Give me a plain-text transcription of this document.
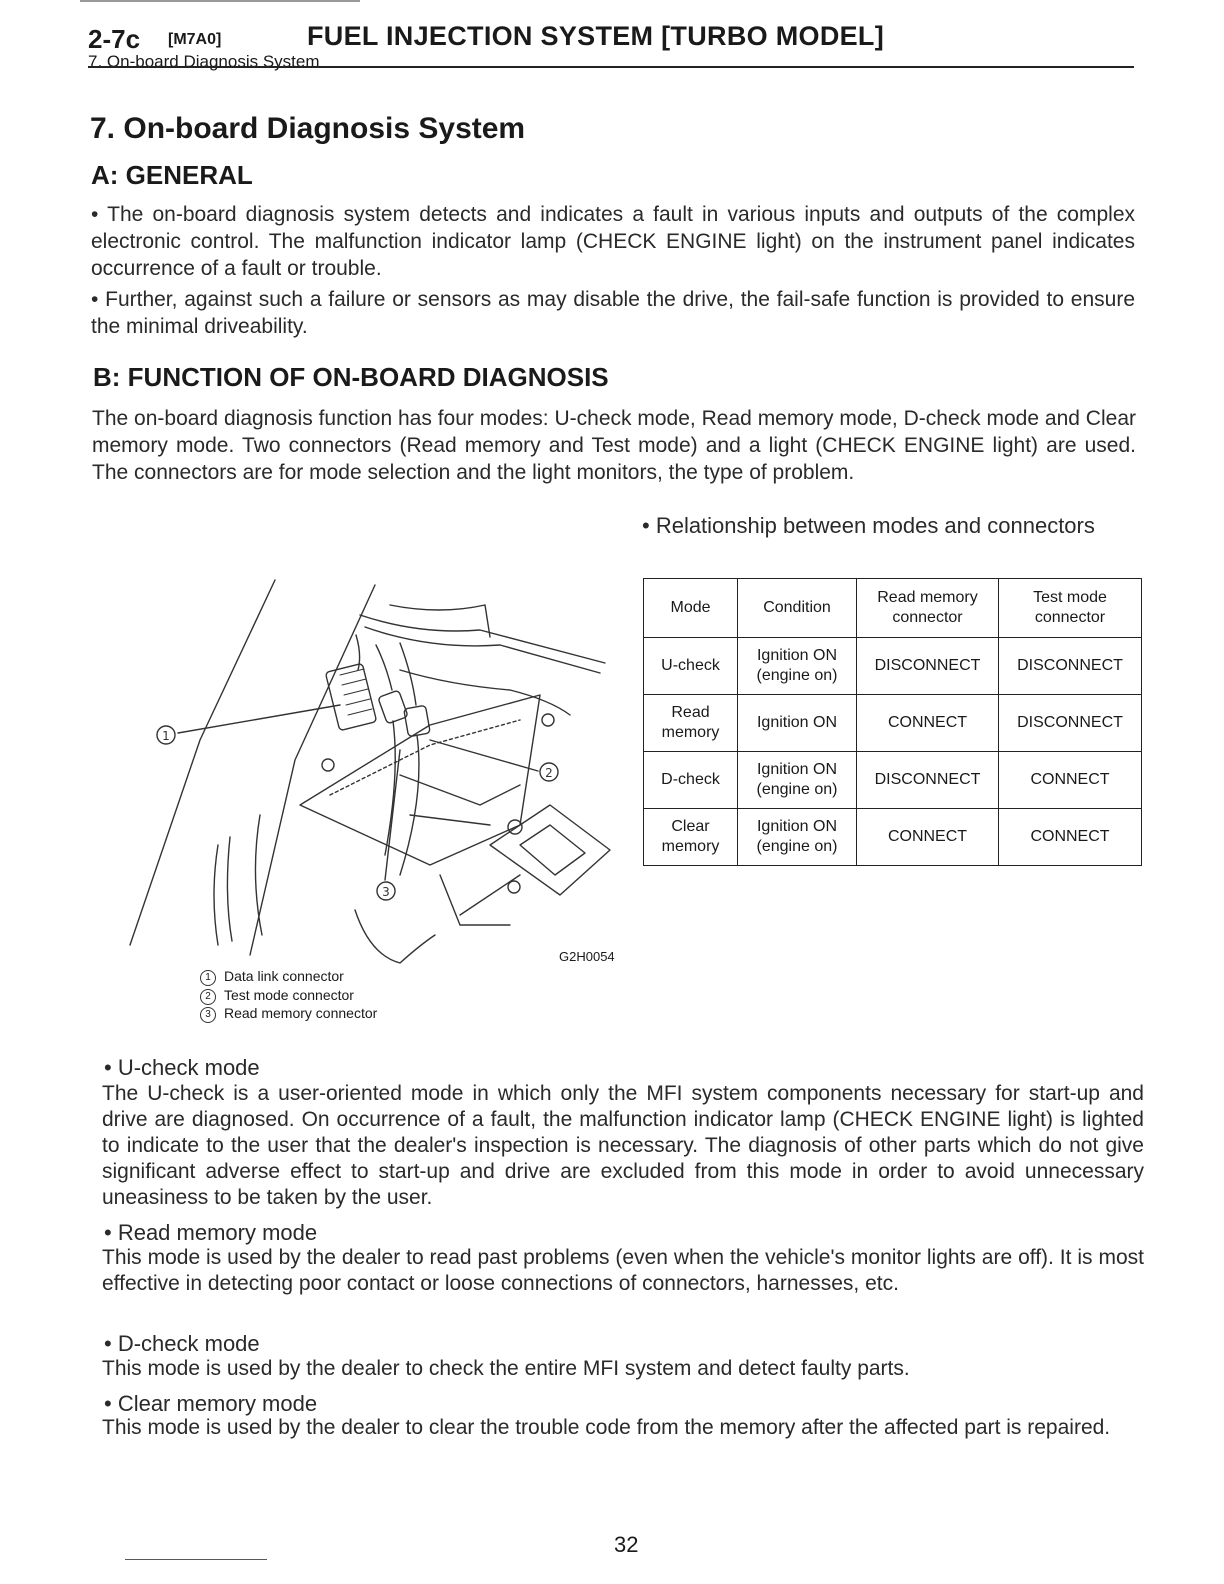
2-7c [M7A0]	FUEL INJECTION SYSTEM [TURBO MODEL]
7. On-board Diagnosis System
7. On-board Diagnosis System
A: GENERAL
• The on-board diagnosis system detects and indicates a fault in various inputs and outputs of the complex electronic control. The malfunction indicator lamp (CHECK ENGINE light) on the instrument panel indicates occurrence of a fault or trouble.
• Further, against such a failure or sensors as may disable the drive, the fail-safe function is provided to ensure the minimal driveability.
B: FUNCTION OF ON-BOARD DIAGNOSIS
The on-board diagnosis function has four modes: U-check mode, Read memory mode, D-check mode and Clear memory mode. Two connectors (Read memory and Test mode) and a light (CHECK ENGINE light) are used. The connectors are for mode selection and the light monitors, the type of problem.
• Relationship between modes and connectors
Mode	Condition	Read memory connector	Test mode connector
U-check	Ignition ON (engine on)	DISCONNECT	DISCONNECT
Read memory	Ignition ON	CONNECT	DISCONNECT
D-check	Ignition ON (engine on)	DISCONNECT	CONNECT
Clear memory	Ignition ON (engine on)	CONNECT	CONNECT
1
2
3
G2H0054
1 Data link connector
2 Test mode connector
3 Read memory connector
• U-check mode
The U-check is a user-oriented mode in which only the MFI system components necessary for start-up and drive are diagnosed. On occurrence of a fault, the malfunction indicator lamp (CHECK ENGINE light) is lighted to indicate to the user that the dealer's inspection is necessary. The diagnosis of other parts which do not give significant adverse effect to start-up and drive are excluded from this mode in order to avoid unnecessary uneasiness to be taken by the user.
• Read memory mode
This mode is used by the dealer to read past problems (even when the vehicle's monitor lights are off). It is most effective in detecting poor contact or loose connections of connectors, harnesses, etc.
• D-check mode
This mode is used by the dealer to check the entire MFI system and detect faulty parts.
• Clear memory mode
This mode is used by the dealer to clear the trouble code from the memory after the affected part is repaired.
32
